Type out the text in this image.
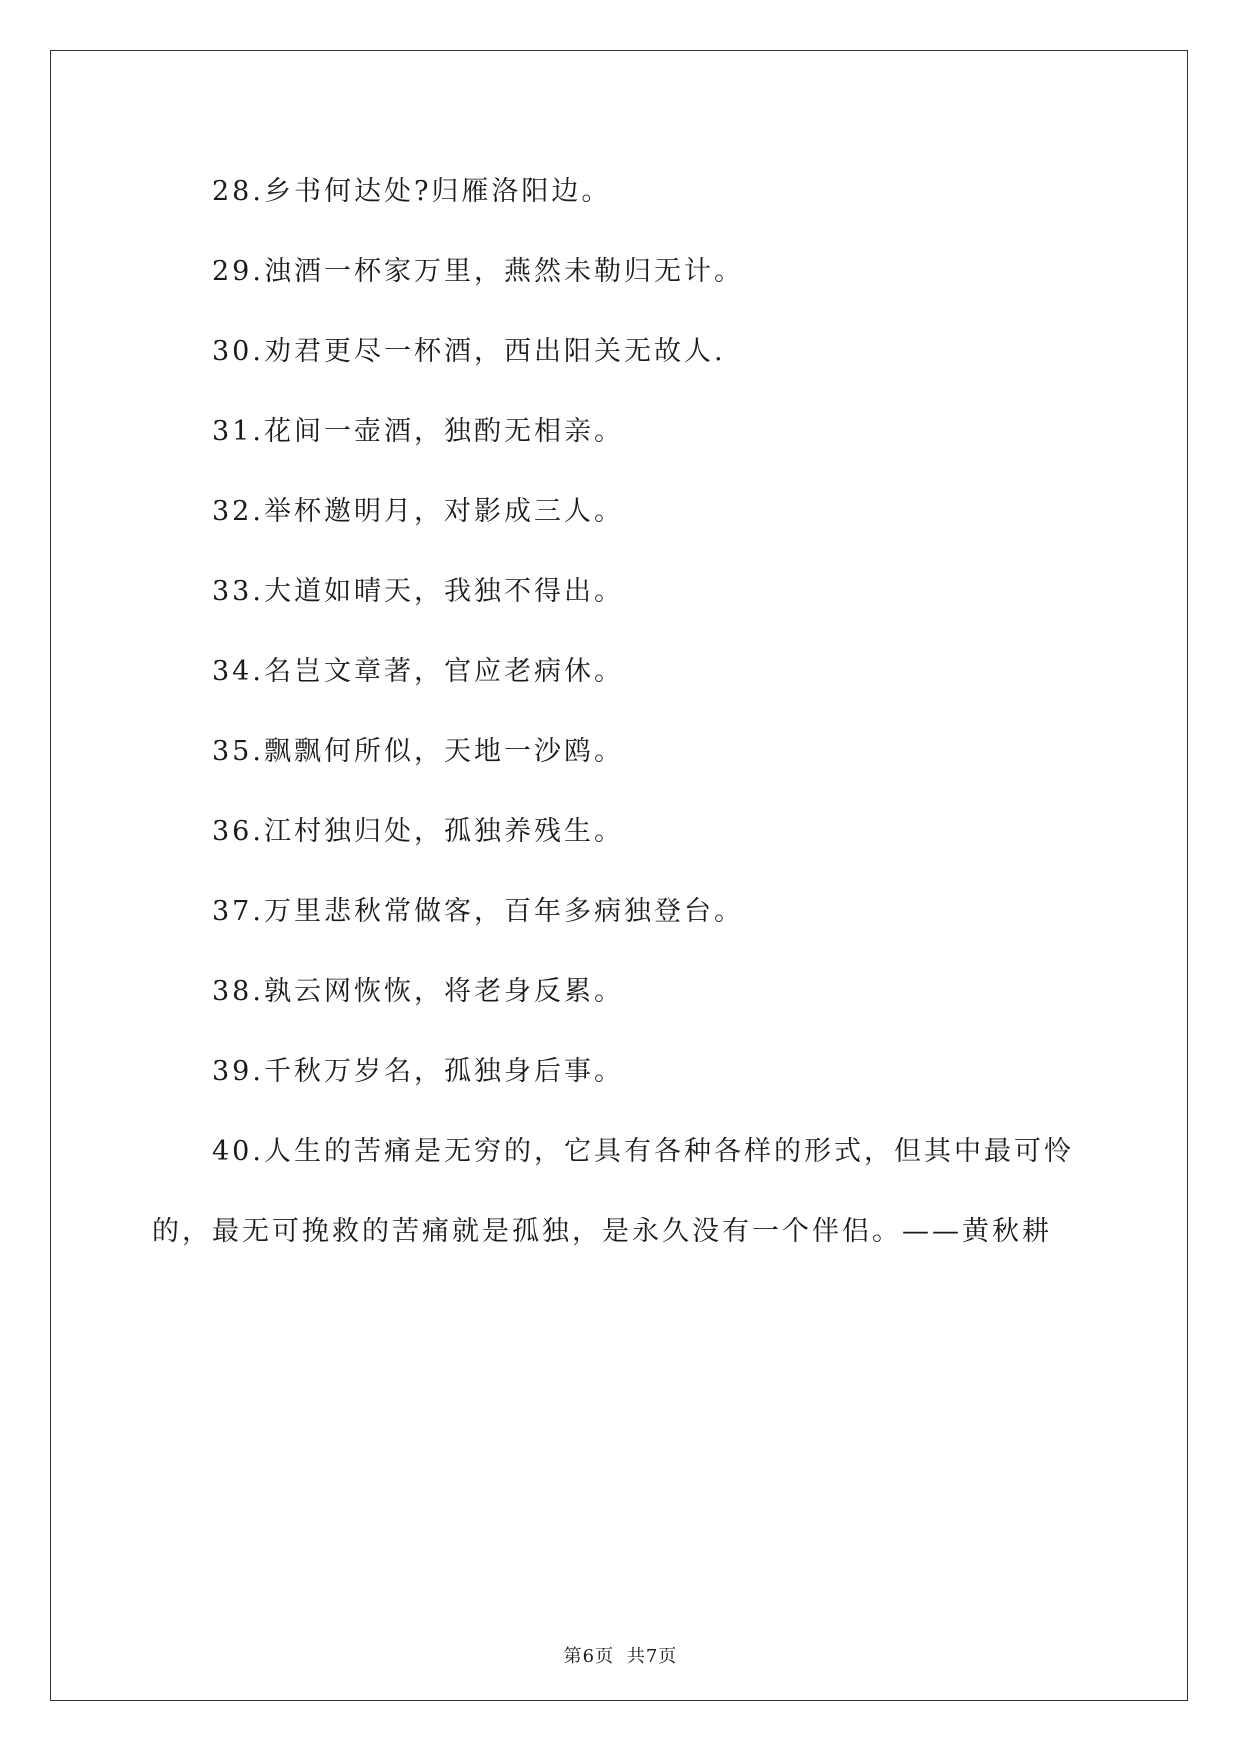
28.乡书何达处?归雁洛阳边。
29.浊酒一杯家万里，燕然未勒归无计。
30.劝君更尽一杯酒，西出阳关无故人.
31.花间一壶酒，独酌无相亲。
32.举杯邀明月，对影成三人。
33.大道如晴天，我独不得出。
34.名岂文章著，官应老病休。
35.飘飘何所似，天地一沙鸥。
36.江村独归处，孤独养残生。
37.万里悲秋常做客，百年多病独登台。
38.孰云网恢恢，将老身反累。
39.千秋万岁名，孤独身后事。
40.人生的苦痛是无穷的，它具有各种各样的形式，但其中最可怜
的，最无可挽救的苦痛就是孤独，是永久没有一个伴侣。——黄秋耕
第6页 共7页
